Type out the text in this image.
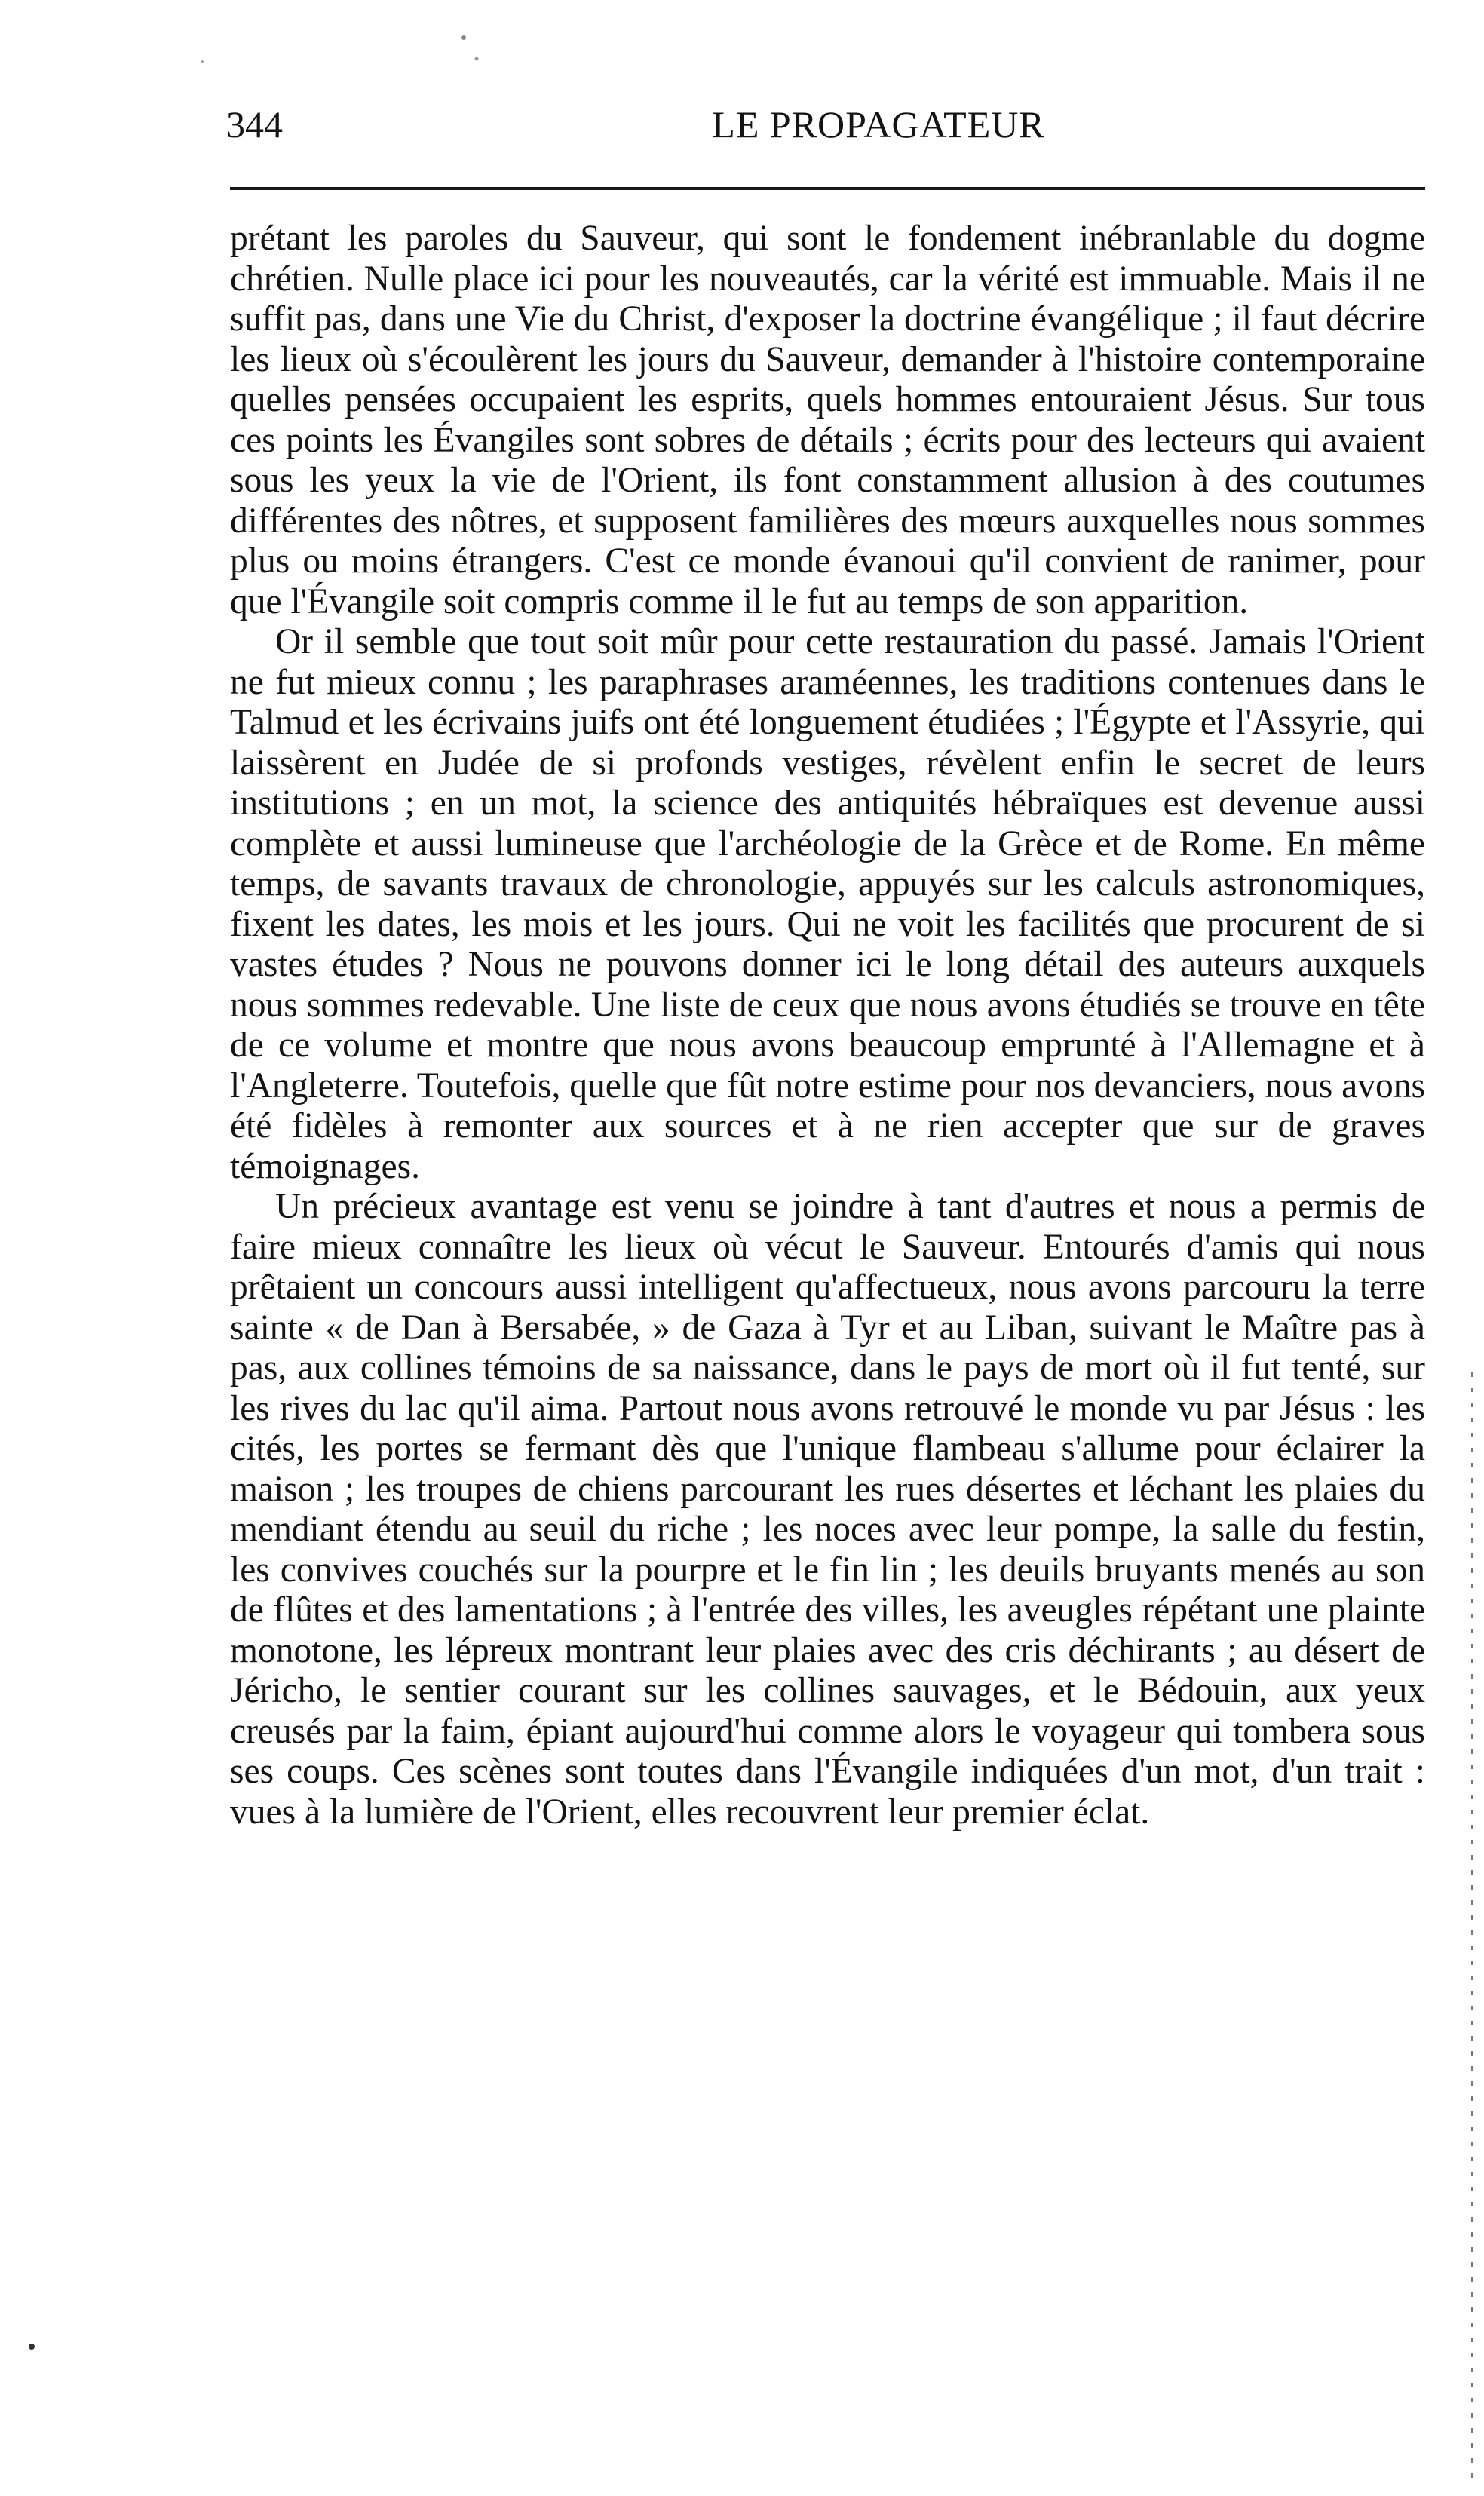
344	LE PROPAGATEUR

prétant les paroles du Sauveur, qui sont le fondement inébranlable du dogme chrétien. Nulle place ici pour les nouveautés, car la vérité est immuable. Mais il ne suffit pas, dans une Vie du Christ, d'exposer la doctrine évangélique ; il faut décrire les lieux où s'écoulèrent les jours du Sauveur, demander à l'histoire contemporaine quelles pensées occupaient les esprits, quels hommes entouraient Jésus. Sur tous ces points les Évangiles sont sobres de détails ; écrits pour des lecteurs qui avaient sous les yeux la vie de l'Orient, ils font constamment allusion à des coutumes différentes des nôtres, et supposent familières des mœurs auxquelles nous sommes plus ou moins étrangers. C'est ce monde évanoui qu'il convient de ranimer, pour que l'Évangile soit compris comme il le fut au temps de son apparition.

Or il semble que tout soit mûr pour cette restauration du passé. Jamais l'Orient ne fut mieux connu ; les paraphrases araméennes, les traditions contenues dans le Talmud et les écrivains juifs ont été longuement étudiées ; l'Égypte et l'Assyrie, qui laissèrent en Judée de si profonds vestiges, révèlent enfin le secret de leurs institutions ; en un mot, la science des antiquités hébraïques est devenue aussi complète et aussi lumineuse que l'archéologie de la Grèce et de Rome. En même temps, de savants travaux de chronologie, appuyés sur les calculs astronomiques, fixent les dates, les mois et les jours. Qui ne voit les facilités que procurent de si vastes études ? Nous ne pouvons donner ici le long détail des auteurs auxquels nous sommes redevable. Une liste de ceux que nous avons étudiés se trouve en tête de ce volume et montre que nous avons beaucoup emprunté à l'Allemagne et à l'Angleterre. Toutefois, quelle que fût notre estime pour nos devanciers, nous avons été fidèles à remonter aux sources et à ne rien accepter que sur de graves témoignages.

Un précieux avantage est venu se joindre à tant d'autres et nous a permis de faire mieux connaître les lieux où vécut le Sauveur. Entourés d'amis qui nous prêtaient un concours aussi intelligent qu'affectueux, nous avons parcouru la terre sainte « de Dan à Bersabée, » de Gaza à Tyr et au Liban, suivant le Maître pas à pas, aux collines témoins de sa naissance, dans le pays de mort où il fut tenté, sur les rives du lac qu'il aima. Partout nous avons retrouvé le monde vu par Jésus : les cités, les portes se fermant dès que l'unique flambeau s'allume pour éclairer la maison ; les troupes de chiens parcourant les rues désertes et léchant les plaies du mendiant étendu au seuil du riche ; les noces avec leur pompe, la salle du festin, les convives couchés sur la pourpre et le fin lin ; les deuils bruyants menés au son de flûtes et des lamentations ; à l'entrée des villes, les aveugles répétant une plainte monotone, les lépreux montrant leur plaies avec des cris déchirants ; au désert de Jéricho, le sentier courant sur les collines sauvages, et le Bédouin, aux yeux creusés par la faim, épiant aujourd'hui comme alors le voyageur qui tombera sous ses coups. Ces scènes sont toutes dans l'Évangile indiquées d'un mot, d'un trait : vues à la lumière de l'Orient, elles recouvrent leur premier éclat.
